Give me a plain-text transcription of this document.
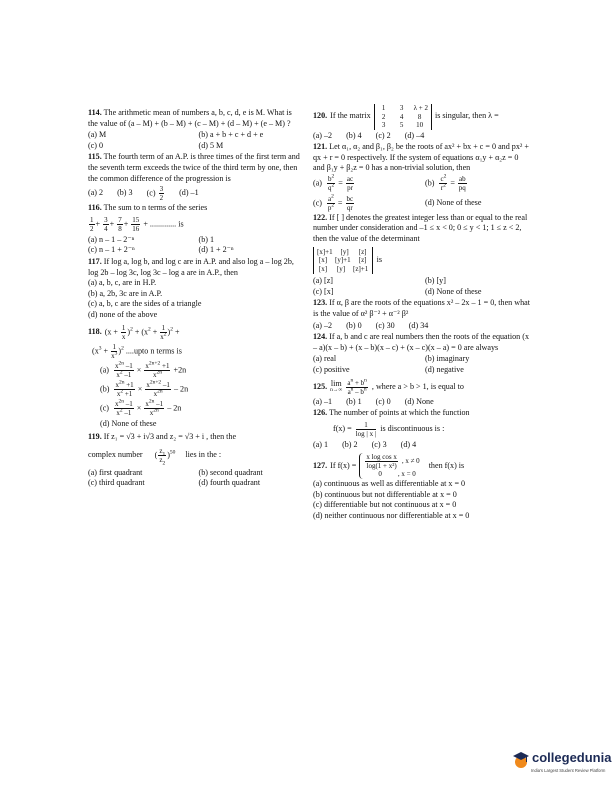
114. The arithmetic mean of numbers a, b, c, d, e is M. What is the value of (a – M) + (b – M) + (c – M) + (d – M) + (e – M) ?
(a) M	(b) a + b + c + d + e
(c) 0	(d) 5 M
115. The fourth term of an A.P. is three times of the first term and the seventh term exceeds the twice of the third term by one, then the common difference of the progression is
(a) 2 (b) 3 $(c) \frac{3}{2} (d)$ –1
116. The sum to n terms of the series
$\frac{1}{2} + \frac{3}{4} + \frac{7}{8} + \frac{15}{16}$ + ............. is
(a) n – 1 – 2⁻ⁿ	(b) 1
(c) n – 1 + 2⁻ⁿ	(d) 1 + 2⁻ⁿ
117. If log a, log b, and log c are in A.P. and also log a – log 2b, log 2b – log 3c, log 3c – log a are in A.P., then
(a) a, b, c, are in H.P.
(b) a, 2b, 3c are in A.P.
(c) a, b, c are the sides of a triangle
(d) none of the above
118. $(x + \frac{1}{x} )^2 + (x^2 + \frac{1}{x^2} )^2$ +
$(x^3 + \frac{1}{x^3} )^2$ ....upto n terms is
$(a) \frac{x^{2n} -1}{x^2 -1} \times \frac{x^{2n+2} +1}{x^{2n}} +2n$
$(b) \frac{x^{2n} +1}{x^2 +1} \times \frac{x^{2n+2} -1}{x^{2n}} - 2n$
$(c) \frac{x^{2n} -1}{x^2 -1} \times \frac{x^{2n} -1}{x^{2n}} - 2n$
(d) None of these
119. If z₁ = √3 + i√3 and z₂ = √3 + i , then the
complex number ( $\frac{z_1}{z_2} )^{50}$ lies in the :
(a) first quadrant	(b) second quadrant
(c) third quadrant	(d) fourth quadrant
120. If the matrix
1	3	λ + 2
2	4	8
3	5	10
is singular, then λ =
(a) –2 (b) 4 (c) 2 (d) –4
121. Let α₁, α₂ and β₁, β₂ be the roots of ax² + bx + c = 0 and px² + qx + r = 0 respectively. If the system of equations α₁y + α₂z = 0 and β₁y + β₂z = 0 has a non-trivial solution, then
$(a) \frac{b^2}{q^2} = \frac{ac}{pr}$	$(b) \frac{c^2}{r^2} = \frac{ab}{pq}$
$(c) \frac{a^2}{p^2} = \frac{bc}{qr}$	(d) None of these
122. If [ ] denotes the greatest integer less than or equal to the real number under consideration and –1 ≤ x < 0; 0 ≤ y < 1; 1 ≤ z < 2, then the value of the determinant
[x]+1 [y]	[z]
[x] [y]+1	[z]
[x] [y] [z]+1
is
(a) [z]	(b) [y]
(c) [x]	(d) None of these
123. If α, β are the roots of the equations x² – 2x – 1 = 0, then what is the value of α² β⁻² + α⁻² β²
(a) –2 (b) 0 (c) 30 (d) 34
124. If a, b and c are real numbers then the roots of the equation (x – a)(x – b) + (x – b)(x – c) + (x – c)(x – a) = 0 are always
(a) real	(b) imaginary
(c) positive	(d) negative
125. lim
$n\to\infty \frac{a^n + b^n}{a^n - b^n}$ , where a > b > 1, is equal to
(a) –1 (b) 1 (c) 0 (d) None
126. The number of points at which the function
$f(x) = \frac{1}{\log | x |}$ is discontinuous is :
(a) 1 (b) 2 (c) 3 (d) 4
127. If $f(x) = \frac{\text{x log cos x}}{\text{log(1 + x²)}}$ , x ≠ 0
0 , x = 0
then f(x) is
(a) continuous as well as differentiable at x = 0
(b) continuous but not differentiable at x = 0
(c) differentiable but not continuous at x = 0
(d) neither continuous nor differentiable at x = 0
collegedunia
India's Largest Student Review Platform
